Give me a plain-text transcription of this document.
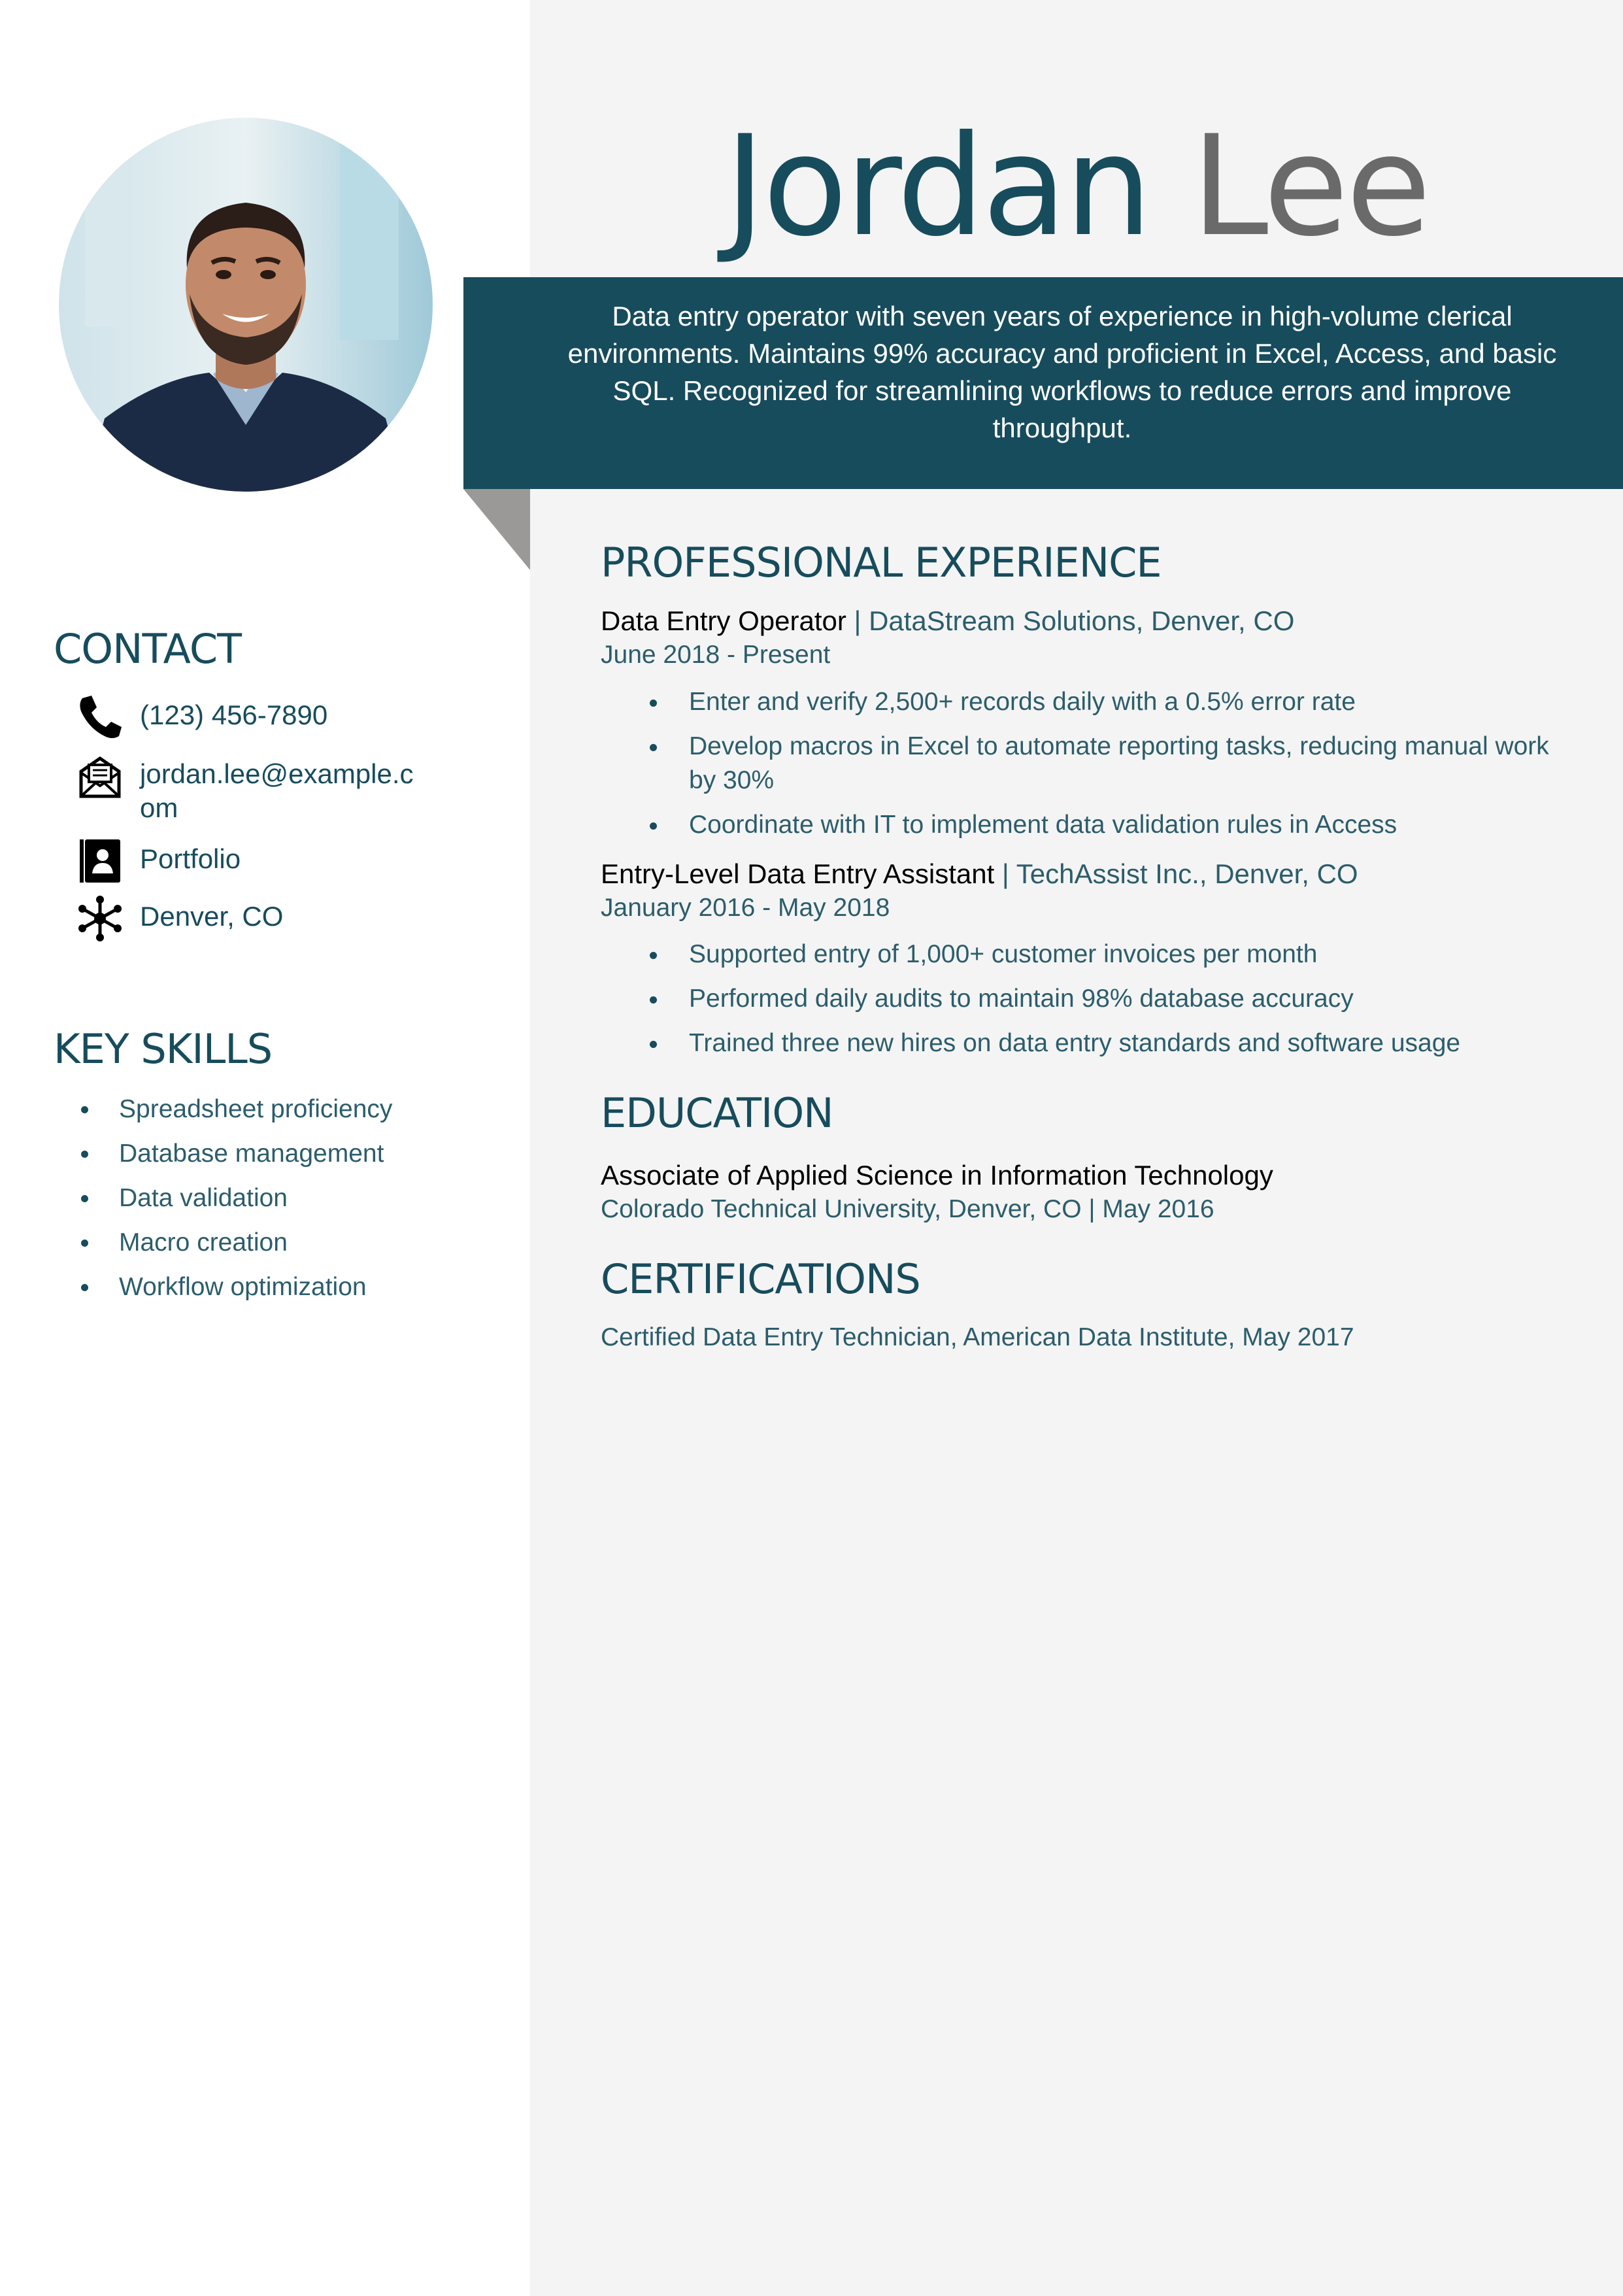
Jordan Lee
Data entry operator with seven years of experience in high-volume clerical environments. Maintains 99% accuracy and proficient in Excel, Access, and basic SQL. Recognized for streamlining workflows to reduce errors and improve throughput.
CONTACT
(123) 456-7890
jordan.lee@example.com
Portfolio
Denver, CO
KEY SKILLS
Spreadsheet proficiency
Database management
Data validation
Macro creation
Workflow optimization
PROFESSIONAL EXPERIENCE
Data Entry Operator | DataStream Solutions, Denver, CO
June 2018 - Present
Enter and verify 2,500+ records daily with a 0.5% error rate
Develop macros in Excel to automate reporting tasks, reducing manual work by 30%
Coordinate with IT to implement data validation rules in Access
Entry-Level Data Entry Assistant | TechAssist Inc., Denver, CO
January 2016 - May 2018
Supported entry of 1,000+ customer invoices per month
Performed daily audits to maintain 98% database accuracy
Trained three new hires on data entry standards and software usage
EDUCATION
Associate of Applied Science in Information Technology
Colorado Technical University, Denver, CO | May 2016
CERTIFICATIONS
Certified Data Entry Technician, American Data Institute, May 2017
